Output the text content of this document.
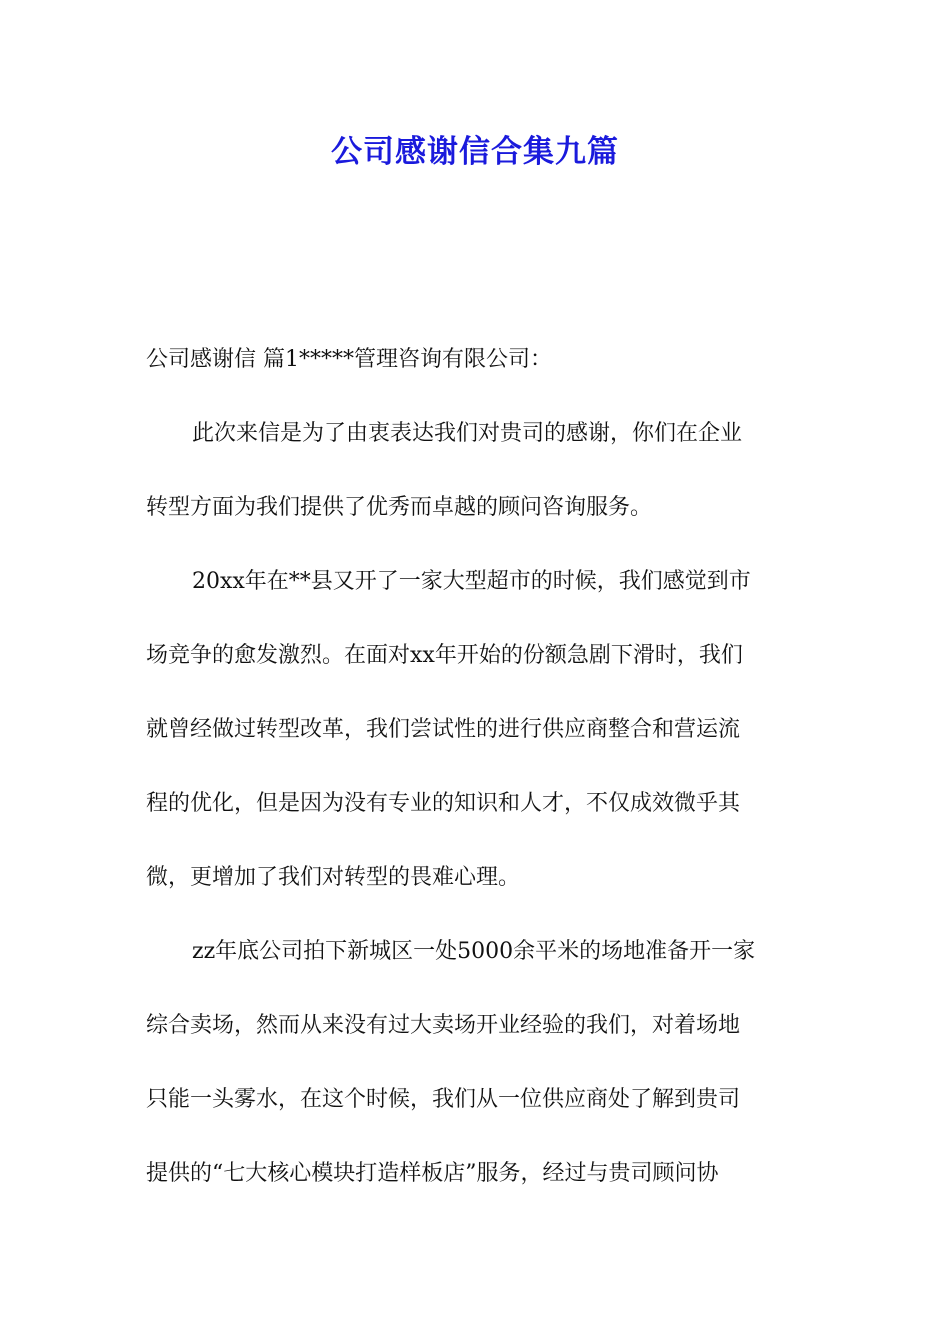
公司感谢信合集九篇
公司感谢信 篇1*****管理咨询有限公司：
此次来信是为了由衷表达我们对贵司的感谢，你们在企业
转型方面为我们提供了优秀而卓越的顾问咨询服务。
20xx年在**县又开了一家大型超市的时候，我们感觉到市
场竞争的愈发激烈。在面对xx年开始的份额急剧下滑时，我们
就曾经做过转型改革，我们尝试性的进行供应商整合和营运流
程的优化，但是因为没有专业的知识和人才，不仅成效微乎其
微，更增加了我们对转型的畏难心理。
zz年底公司拍下新城区一处5000余平米的场地准备开一家
综合卖场，然而从来没有过大卖场开业经验的我们，对着场地
只能一头雾水，在这个时候，我们从一位供应商处了解到贵司
提供的“七大核心模块打造样板店”服务，经过与贵司顾问协
